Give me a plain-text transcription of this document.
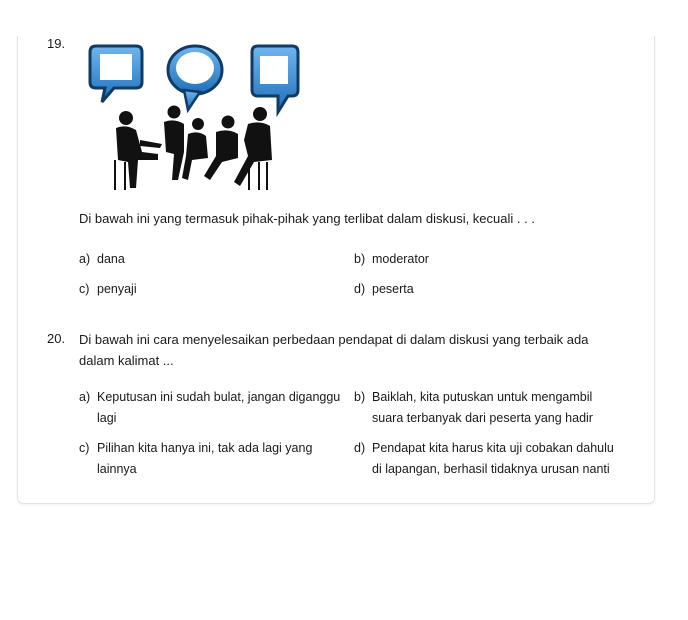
19.
Di bawah ini yang termasuk pihak-pihak yang terlibat dalam diskusi, kecuali . . .
a) dana	b) moderator
c) penyaji	d) peserta
20. Di bawah ini cara menyelesaikan perbedaan pendapat di dalam diskusi yang terbaik ada dalam kalimat ...
a) Keputusan ini sudah bulat, jangan diganggu lagi
b) Baiklah, kita putuskan untuk mengambil suara terbanyak dari peserta yang hadir
c) Pilihan kita hanya ini, tak ada lagi yang lainnya
d) Pendapat kita harus kita uji cobakan dahulu di lapangan, berhasil tidaknya urusan nanti
